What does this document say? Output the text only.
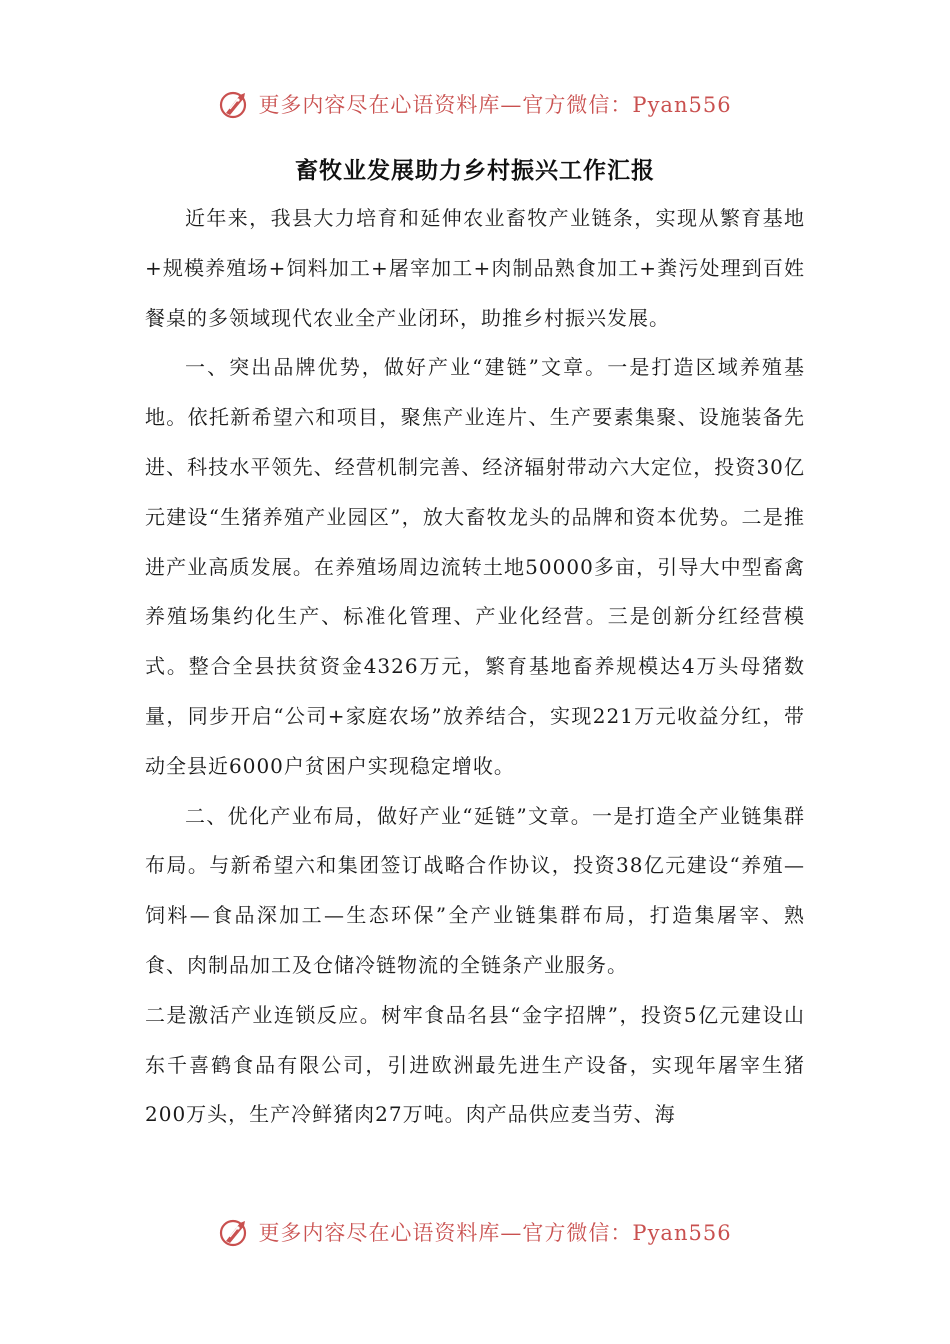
更多内容尽在心语资料库—官方微信：Pyan556
畜牧业发展助力乡村振兴工作汇报

近年来，我县大力培育和延伸农业畜牧产业链条，实现从繁育基地+规模养殖场+饲料加工+屠宰加工+肉制品熟食加工+粪污处理到百姓餐桌的多领域现代农业全产业闭环，助推乡村振兴发展。

一、突出品牌优势，做好产业“建链”文章。一是打造区域养殖基地。依托新希望六和项目，聚焦产业连片、生产要素集聚、设施装备先进、科技水平领先、经营机制完善、经济辐射带动六大定位，投资30亿元建设“生猪养殖产业园区”，放大畜牧龙头的品牌和资本优势。二是推进产业高质发展。在养殖场周边流转土地50000多亩，引导大中型畜禽养殖场集约化生产、标准化管理、产业化经营。三是创新分红经营模式。整合全县扶贫资金4326万元，繁育基地畜养规模达4万头母猪数量，同步开启“公司+家庭农场”放养结合，实现221万元收益分红，带动全县近6000户贫困户实现稳定增收。

二、优化产业布局，做好产业“延链”文章。一是打造全产业链集群布局。与新希望六和集团签订战略合作协议，投资38亿元建设“养殖—饲料—食品深加工—生态环保”全产业链集群布局，打造集屠宰、熟食、肉制品加工及仓储冷链物流的全链条产业服务。

二是激活产业连锁反应。树牢食品名县“金字招牌”，投资5亿元建设山东千喜鹤食品有限公司，引进欧洲最先进生产设备，实现年屠宰生猪200万头，生产冷鲜猪肉27万吨。肉产品供应麦当劳、海

更多内容尽在心语资料库—官方微信：Pyan556
